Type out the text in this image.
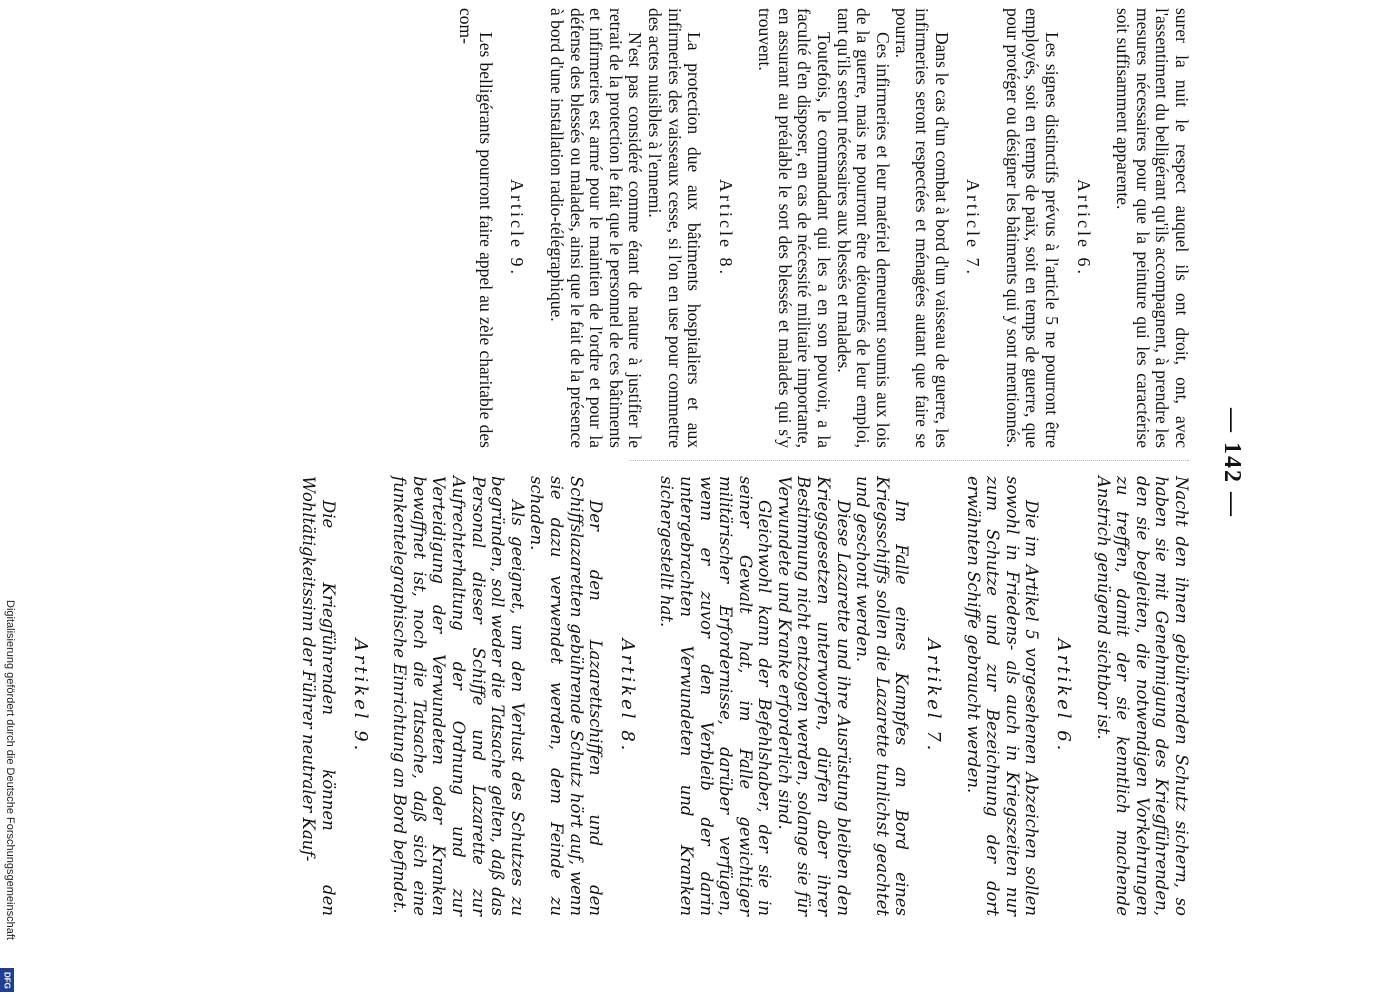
— 142 —

surer la nuit le respect auquel ils ont droit, ont, avec l'assentiment du belligérant qu'ils accompagnent, à prendre les mesures nécessaires pour que la peinture qui les caractérise soit suffisamment apparente.

Article 6.

Les signes distinctifs prévus à l'article 5 ne pourront être employés, soit en temps de paix, soit en temps de guerre, que pour protéger ou désigner les bâtiments qui y sont mentionnés.

Article 7.

Dans le cas d'un combat à bord d'un vaisseau de guerre, les infirmeries seront respectées et ménagées autant que faire se pourra.

Ces infirmeries et leur matériel demeurent soumis aux lois de la guerre, mais ne pourront être détournés de leur emploi, tant qu'ils seront nécessaires aux blessés et malades.

Toutefois, le commandant qui les a en son pouvoir, a la faculté d'en disposer, en cas de nécessité militaire importante, en assurant au préalable le sort des blessés et malades qui s'y trouvent.

Article 8.

La protection due aux bâtiments hospitaliers et aux infirmeries des vaisseaux cesse, si l'on en use pour commettre des actes nuisibles à l'ennemi.

N'est pas considéré comme étant de nature à justifier le retrait de la protection le fait que le personnel de ces bâtiments et infirmeries est armé pour le maintien de l'ordre et pour la défense des blessés ou malades, ainsi que le fait de la présence à bord d'une installation radio-télégraphique.

Article 9.

Les belligérants pourront faire appel au zèle charitable des com-

Nacht den ihnen gebührenden Schutz sichern, so haben sie mit Genehmigung des Kriegführenden, den sie begleiten, die notwendigen Vorkehrungen zu treffen, damit der sie kenntlich machende Anstrich genügend sichtbar ist.

Artikel 6.

Die im Artikel 5 vorgesehenen Abzeichen sollen sowohl in Friedens- als auch in Kriegszeiten nur zum Schutze und zur Bezeichnung der dort erwähnten Schiffe gebraucht werden.

Artikel 7.

Im Falle eines Kampfes an Bord eines Kriegsschiffs sollen die Lazarette tunlichst geachtet und geschont werden.

Diese Lazarette und ihre Ausrüstung bleiben den Kriegsgesetzen unterworfen, dürfen aber ihrer Bestimmung nicht entzogen werden, solange sie für Verwundete und Kranke erforderlich sind.

Gleichwohl kann der Befehlshaber, der sie in seiner Gewalt hat, im Falle gewichtiger militärischer Erfordernisse, darüber verfügen, wenn er zuvor den Verbleib der darin untergebrachten Verwundeten und Kranken sichergestellt hat.

Artikel 8.

Der den Lazarettschiffen und den Schiffslazaretten gebührende Schutz hört auf, wenn sie dazu verwendet werden, dem Feinde zu schaden.

Als geeignet, um den Verlust des Schutzes zu begründen, soll weder die Tatsache gelten, daß das Personal dieser Schiffe und Lazarette zur Aufrechterhaltung der Ordnung und zur Verteidigung der Verwundeten oder Kranken bewaffnet ist, noch die Tatsache, daß sich eine funkentelegraphische Einrichtung an Bord befindet.

Artikel 9.

Die Kriegführenden können den Wohltätigkeitssinn der Führer neutraler Kauf-

Digitalisierung gefördert durch die Deutsche Forschungsgemeinschaft
DFG
